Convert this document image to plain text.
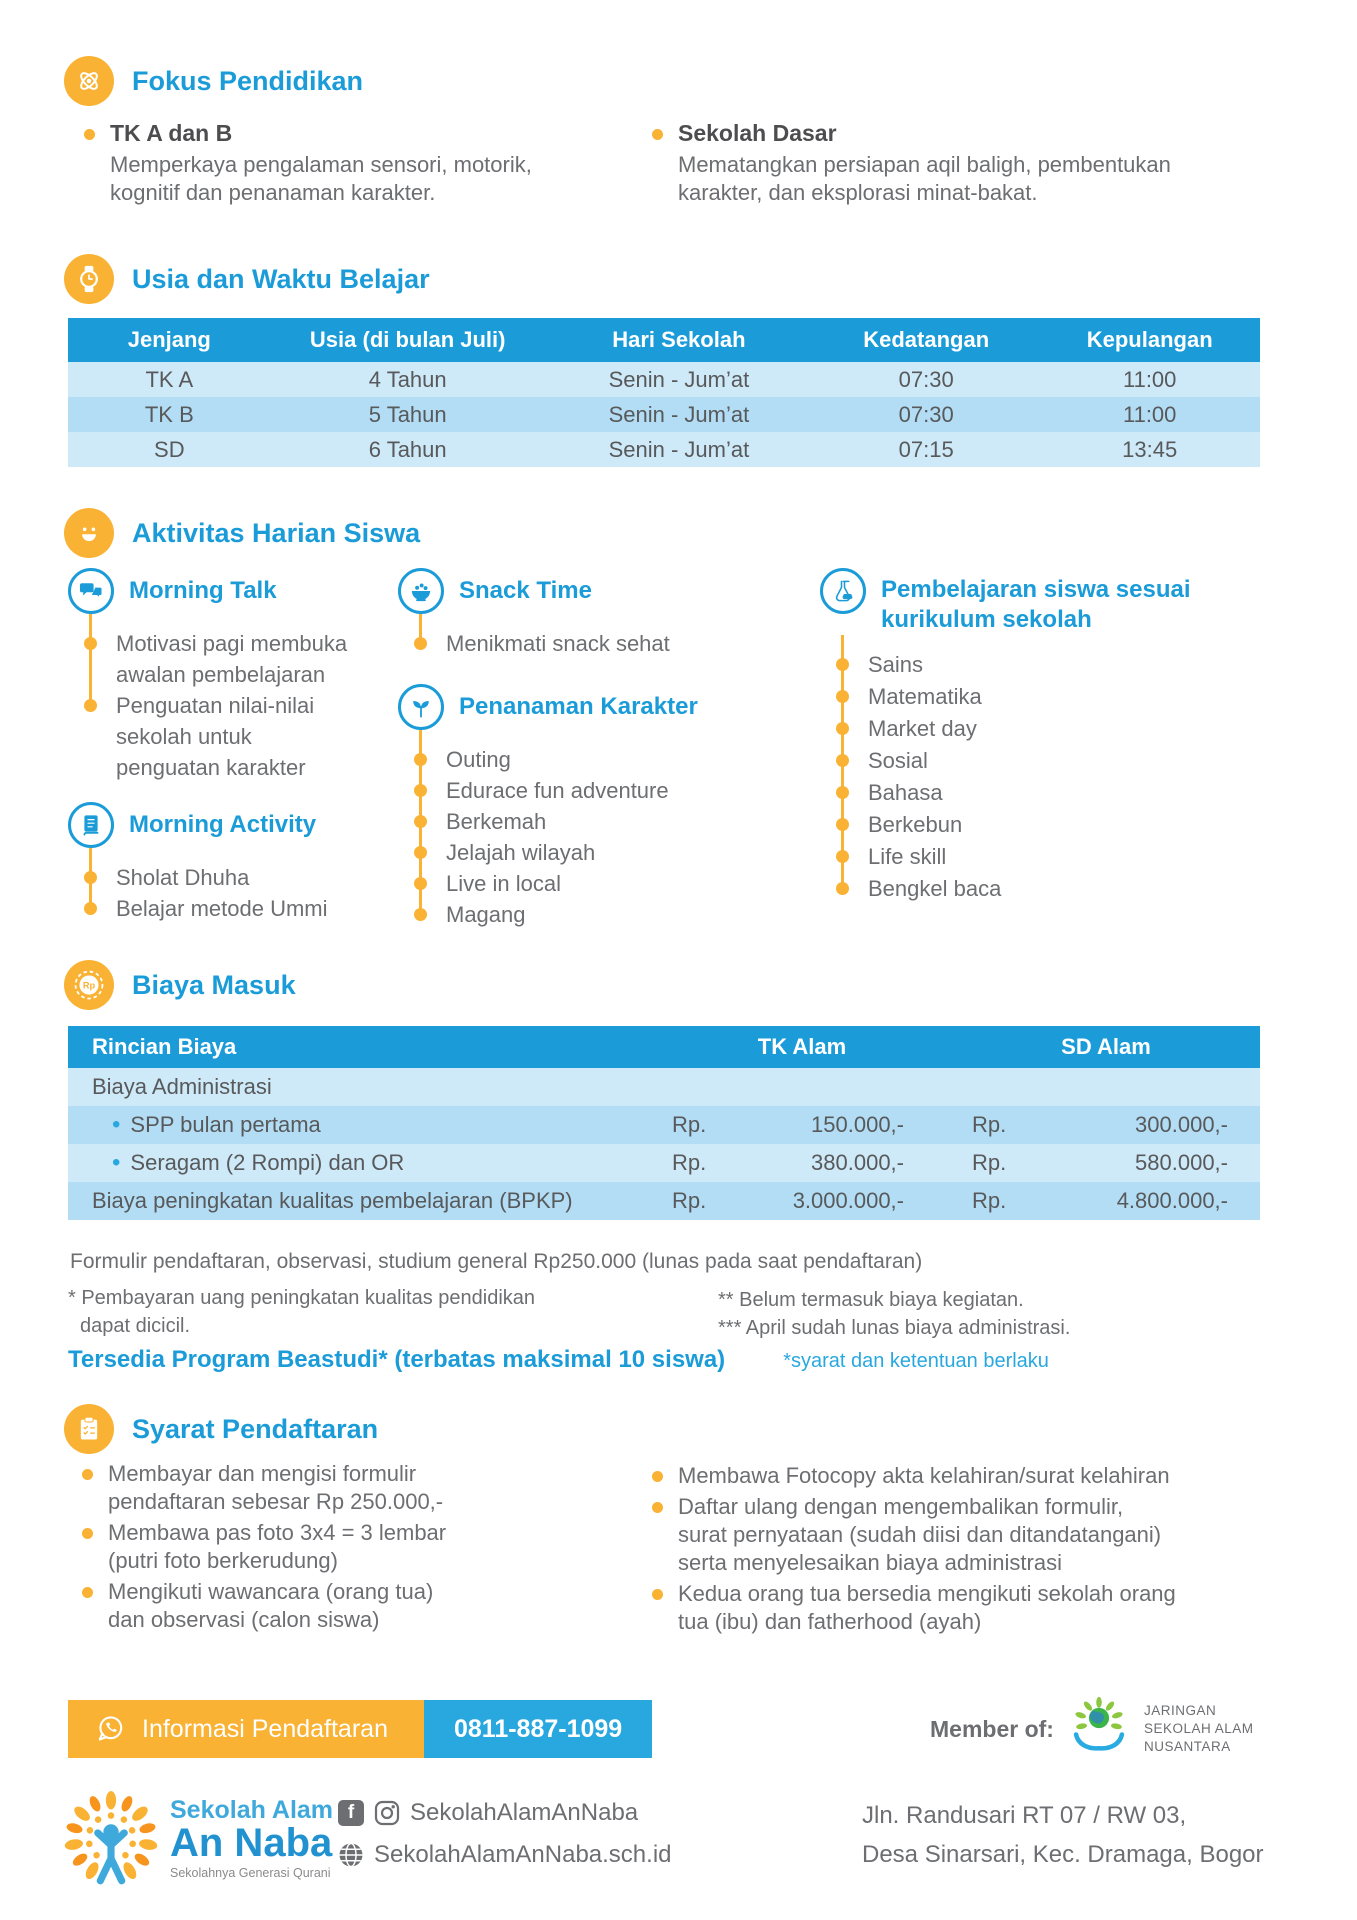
Fokus Pendidikan
TK A dan B
Memperkaya pengalaman sensori, motorik, kognitif dan penanaman karakter.
Sekolah Dasar
Mematangkan persiapan aqil baligh, pembentukan karakter, dan eksplorasi minat-bakat.
Usia dan Waktu Belajar
Jenjang	Usia (di bulan Juli)	Hari Sekolah	Kedatangan	Kepulangan
TK A	4 Tahun	Senin - Jum’at	07:30	11:00
TK B	5 Tahun	Senin - Jum’at	07:30	11:00
SD	6 Tahun	Senin - Jum’at	07:15	13:45
Aktivitas Harian Siswa
Morning Talk
Motivasi pagi membuka awalan pembelajaran
Penguatan nilai-nilai sekolah untuk penguatan karakter
Morning Activity
Sholat Dhuha
Belajar metode Ummi
Snack Time
Menikmati snack sehat
Penanaman Karakter
Outing
Edurace fun adventure
Berkemah
Jelajah wilayah
Live in local
Magang
Pembelajaran siswa sesuai kurikulum sekolah
Sains
Matematika
Market day
Sosial
Bahasa
Berkebun
Life skill
Bengkel baca
Rp Biaya Masuk
Rincian Biaya	TK Alam	SD Alam
Biaya Administrasi
• SPP bulan pertama	Rp.	150.000,-	Rp.	300.000,-
• Seragam (2 Rompi) dan OR	Rp.	380.000,-	Rp.	580.000,-
Biaya peningkatan kualitas pembelajaran (BPKP)	Rp.	3.000.000,-	Rp.	4.800.000,-
Formulir pendaftaran, observasi, studium general Rp250.000 (lunas pada saat pendaftaran)
* Pembayaran uang peningkatan kualitas pendidikan
dapat dicicil.
** Belum termasuk biaya kegiatan.
*** April sudah lunas biaya administrasi.
Tersedia Program Beastudi* (terbatas maksimal 10 siswa)	*syarat dan ketentuan berlaku
Syarat Pendaftaran
Membayar dan mengisi formulir pendaftaran sebesar Rp 250.000,-
Membawa pas foto 3x4 = 3 lembar (putri foto berkerudung)
Mengikuti wawancara (orang tua) dan observasi (calon siswa)
Membawa Fotocopy akta kelahiran/surat kelahiran
Daftar ulang dengan mengembalikan formulir, surat pernyataan (sudah diisi dan ditandatangani) serta menyelesaikan biaya administrasi
Kedua orang tua bersedia mengikuti sekolah orang tua (ibu) dan fatherhood (ayah)
Informasi Pendaftaran	0811-887-1099	Member of:
JARINGAN
SEKOLAH ALAM
NUSANTARA
Sekolah Alam
An Naba
Sekolahnya Generasi Qurani
f	SekolahAlamAnNaba
SekolahAlamAnNaba.sch.id
Jln. Randusari RT 07 / RW 03,
Desa Sinarsari, Kec. Dramaga, Bogor
